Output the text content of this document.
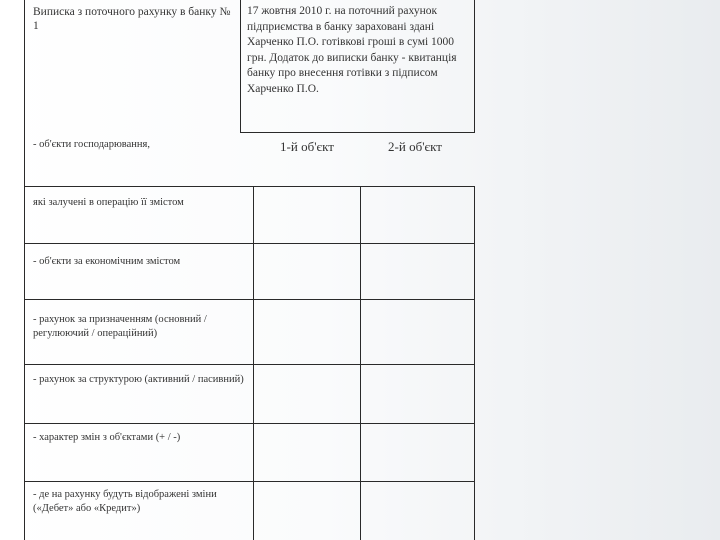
Виписка з поточного рахунку в банку № 1
17 жовтня 2010 г. на поточний рахунок підприємства в банку зараховані здані Харченко П.О. готівкові гроші в сумі 1000 грн. Додаток до виписки банку - квитанція банку про внесення готівки з підписом Харченко П.О.
1-й об'єкт	2-й об'єкт
- об'єкти господарювання,
які залучені в операцію її змістом
- об'єкти за економічним змістом
- рахунок за призначенням (основний / регулюючий / операційний)
- рахунок за структурою (активний / пасивний)
- характер змін з об'єктами (+ / -)
- де на рахунку будуть відображені зміни («Дебет» або «Кредит»)
